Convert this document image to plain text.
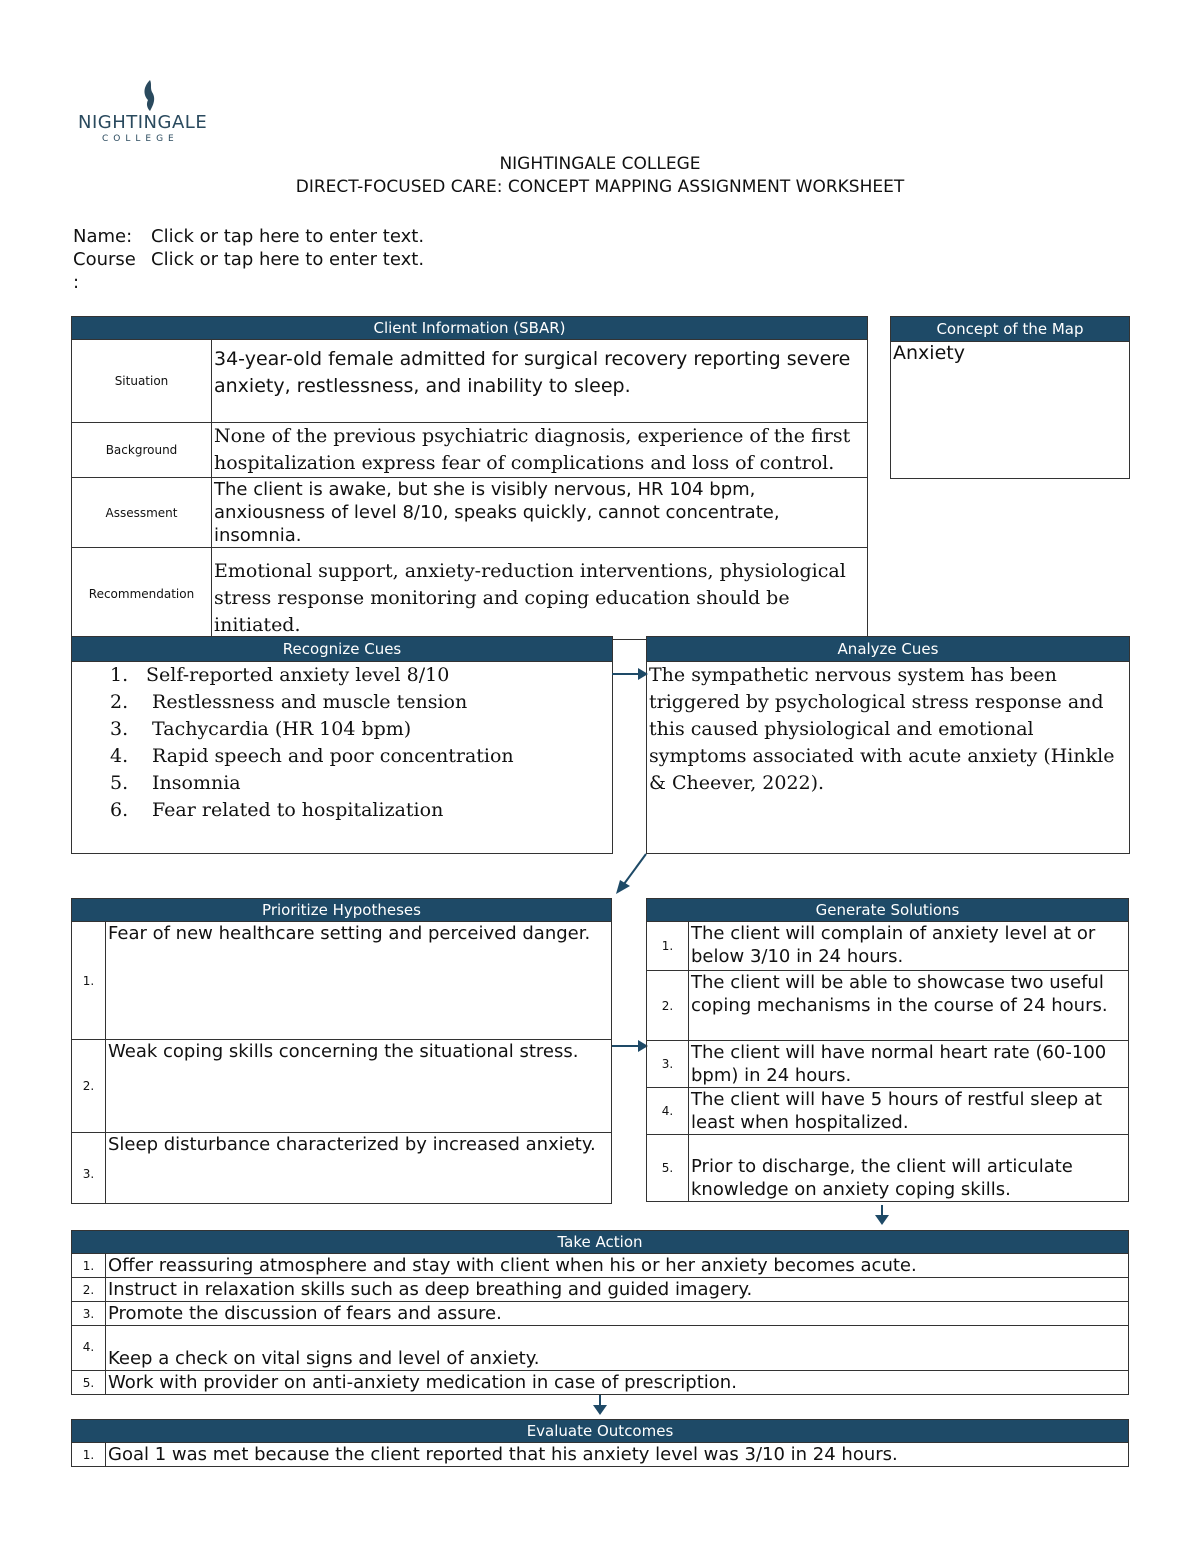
NIGHTINGALE
COLLEGE
NIGHTINGALE COLLEGE
DIRECT-FOCUSED CARE: CONCEPT MAPPING ASSIGNMENT WORKSHEET
Name: Click or tap here to enter text.
Course Click or tap here to enter text.
:
Client Information (SBAR)	
Situation	34-year-old female admitted for surgical recovery reporting severe anxiety, restlessness, and inability to sleep.
Background	None of the previous psychiatric diagnosis, experience of the first hospitalization express fear of complications and loss of control.
Assessment	The client is awake, but she is visibly nervous, HR 104 bpm, anxiousness of level 8/10, speaks quickly, cannot concentrate, insomnia.
Recommendation	Emotional support, anxiety-reduction interventions, physiological stress response monitoring and coping education should be initiated.
Concept of the Map
Anxiety
Recognize Cues
1. Self-reported anxiety level 8/10
2. Restlessness and muscle tension
3. Tachycardia (HR 104 bpm)
4. Rapid speech and poor concentration
5. Insomnia
6. Fear related to hospitalization
Analyze Cues
The sympathetic nervous system has been triggered by psychological stress response and this caused physiological and emotional symptoms associated with acute anxiety (Hinkle & Cheever, 2022).
Prioritize Hypotheses	
1.	Fear of new healthcare setting and perceived danger.
2.	Weak coping skills concerning the situational stress.
3.	Sleep disturbance characterized by increased anxiety.
Generate Solutions	
1.	The client will complain of anxiety level at or below 3/10 in 24 hours.
2.	The client will be able to showcase two useful coping mechanisms in the course of 24 hours.
3.	The client will have normal heart rate (60-100 bpm) in 24 hours.
4.	The client will have 5 hours of restful sleep at least when hospitalized.
5.	Prior to discharge, the client will articulate knowledge on anxiety coping skills.
Take Action	
1.	Offer reassuring atmosphere and stay with client when his or her anxiety becomes acute.
2.	Instruct in relaxation skills such as deep breathing and guided imagery.
3.	Promote the discussion of fears and assure.
4.	Keep a check on vital signs and level of anxiety.
5.	Work with provider on anti-anxiety medication in case of prescription.
Evaluate Outcomes
1.	Goal 1 was met because the client reported that his anxiety level was 3/10 in 24 hours.
